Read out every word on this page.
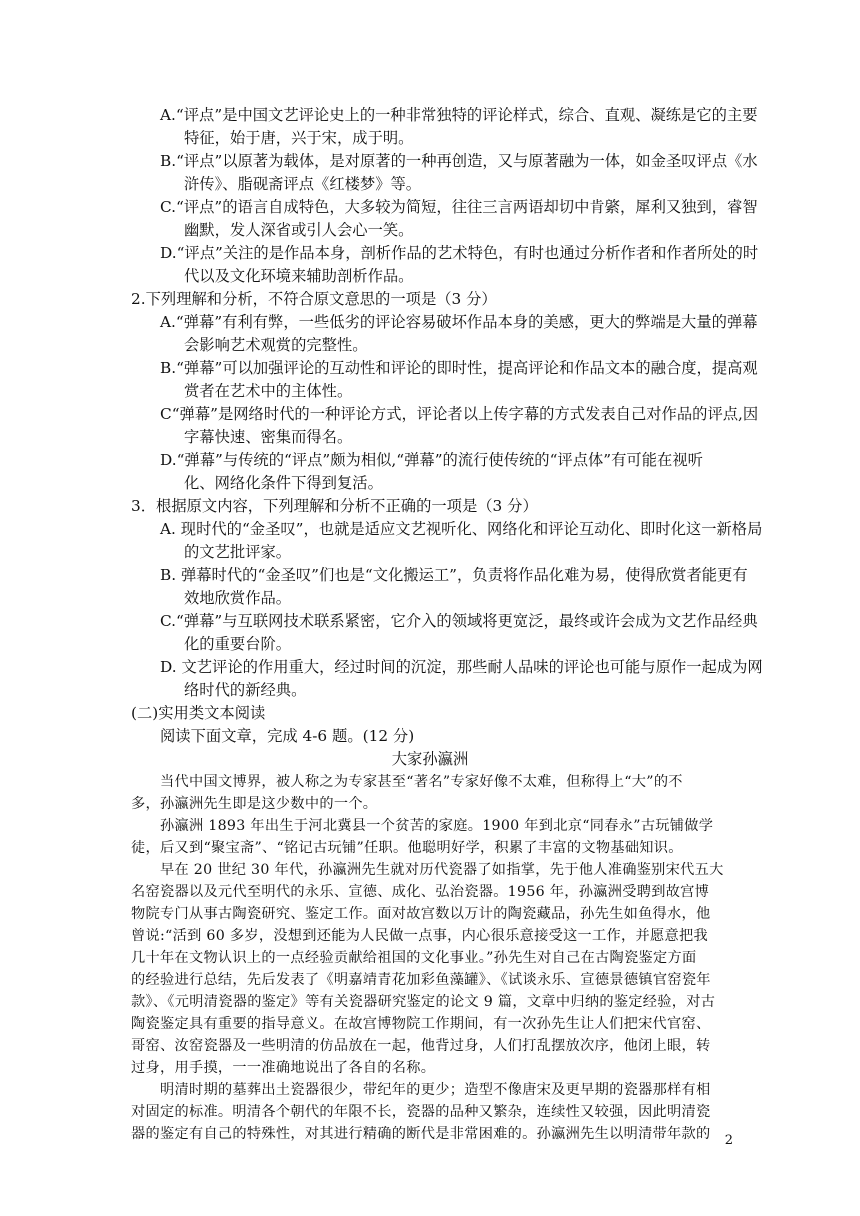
A.“评点”是中国文艺评论史上的一种非常独特的评论样式，综合、直观、凝练是它的主要
特征，始于唐，兴于宋，成于明。
B.“评点”以原著为载体，是对原著的一种再创造，又与原著融为一体，如金圣叹评点《水
浒传》、脂砚斋评点《红楼梦》等。
C.“评点”的语言自成特色，大多较为简短，往往三言两语却切中肯綮，犀利又独到，睿智
幽默，发人深省或引人会心一笑。
D.“评点”关注的是作品本身，剖析作品的艺术特色，有时也通过分析作者和作者所处的时
代以及文化环境来辅助剖析作品。
2.下列理解和分析，不符合原文意思的一项是（3 分）
A.“弹幕”有利有弊，一些低劣的评论容易破坏作品本身的美感，更大的弊端是大量的弹幕
会影响艺术观赏的完整性。
B.“弹幕”可以加强评论的互动性和评论的即时性，提高评论和作品文本的融合度，提高观
赏者在艺术中的主体性。
C“弹幕”是网络时代的一种评论方式，评论者以上传字幕的方式发表自己对作品的评点,因
字幕快速、密集而得名。
D.“弹幕”与传统的“评点”颇为相似,“弹幕”的流行使传统的“评点体”有可能在视听
化、网络化条件下得到复活。
3．根据原文内容，下列理解和分析不正确的一项是（3 分）
A. 现时代的“金圣叹”，也就是适应文艺视听化、网络化和评论互动化、即时化这一新格局
的文艺批评家。
B. 弹幕时代的“金圣叹”们也是“文化搬运工”，负责将作品化难为易，使得欣赏者能更有
效地欣赏作品。
C.“弹幕”与互联网技术联系紧密，它介入的领域将更宽泛，最终或许会成为文艺作品经典
化的重要台阶。
D. 文艺评论的作用重大，经过时间的沉淀，那些耐人品味的评论也可能与原作一起成为网
络时代的新经典。
(二)实用类文本阅读
阅读下面文章，完成 4-6 题。(12 分)
大家孙瀛洲
当代中国文博界，被人称之为专家甚至“著名”专家好像不太难，但称得上“大”的不
多，孙瀛洲先生即是这少数中的一个。
孙瀛洲 1893 年出生于河北冀县一个贫苦的家庭。1900 年到北京“同春永”古玩铺做学
徒，后又到“聚宝斋”、“铭记古玩铺”任职。他聪明好学，积累了丰富的文物基础知识。
早在 20 世纪 30 年代，孙瀛洲先生就对历代瓷器了如指掌，先于他人准确鉴别宋代五大
名窑瓷器以及元代至明代的永乐、宣德、成化、弘治瓷器。1956 年，孙瀛洲受聘到故宫博
物院专门从事古陶瓷研究、鉴定工作。面对故宫数以万计的陶瓷藏品，孙先生如鱼得水，他
曾说:“活到 60 多岁，没想到还能为人民做一点事，内心很乐意接受这一工作，并愿意把我
几十年在文物认识上的一点经验贡献给祖国的文化事业。”孙先生对自己在古陶瓷鉴定方面
的经验进行总结，先后发表了《明嘉靖青花加彩鱼藻罐》、《试谈永乐、宣德景德镇官窑瓷年
款》、《元明清瓷器的鉴定》等有关瓷器研究鉴定的论文 9 篇，文章中归纳的鉴定经验，对古
陶瓷鉴定具有重要的指导意义。在故宫博物院工作期间，有一次孙先生让人们把宋代官窑、
哥窑、汝窑瓷器及一些明清的仿品放在一起，他背过身，人们打乱摆放次序，他闭上眼，转
过身，用手摸，一一准确地说出了各自的名称。
明清时期的墓葬出土瓷器很少，带纪年的更少；造型不像唐宋及更早期的瓷器那样有相
对固定的标准。明清各个朝代的年限不长，瓷器的品种又繁杂，连续性又较强，因此明清瓷
器的鉴定有自己的特殊性，对其进行精确的断代是非常困难的。孙瀛洲先生以明清带年款的 2
